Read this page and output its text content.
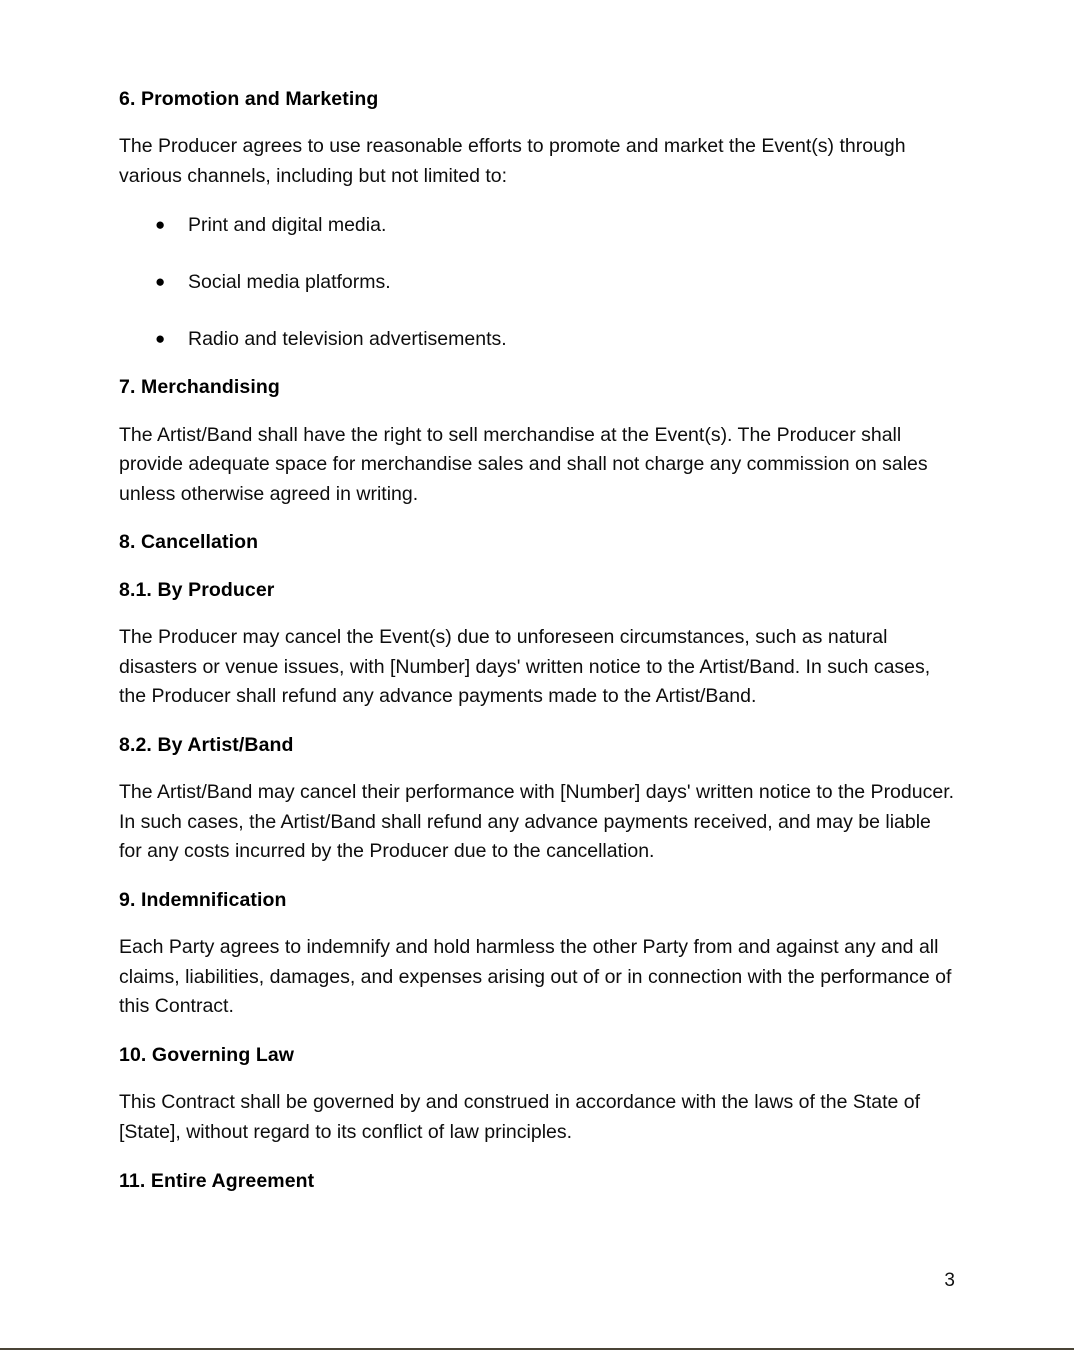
6. Promotion and Marketing

The Producer agrees to use reasonable efforts to promote and market the Event(s) through various channels, including but not limited to:

● Print and digital media.
● Social media platforms.
● Radio and television advertisements.
7. Merchandising

The Artist/Band shall have the right to sell merchandise at the Event(s). The Producer shall provide adequate space for merchandise sales and shall not charge any commission on sales unless otherwise agreed in writing.

8. Cancellation
8.1. By Producer

The Producer may cancel the Event(s) due to unforeseen circumstances, such as natural disasters or venue issues, with [Number] days' written notice to the Artist/Band. In such cases, the Producer shall refund any advance payments made to the Artist/Band.

8.2. By Artist/Band

The Artist/Band may cancel their performance with [Number] days' written notice to the Producer. In such cases, the Artist/Band shall refund any advance payments received, and may be liable for any costs incurred by the Producer due to the cancellation.

9. Indemnification

Each Party agrees to indemnify and hold harmless the other Party from and against any and all claims, liabilities, damages, and expenses arising out of or in connection with the performance of this Contract.

10. Governing Law

This Contract shall be governed by and construed in accordance with the laws of the State of [State], without regard to its conflict of law principles.

11. Entire Agreement
3
